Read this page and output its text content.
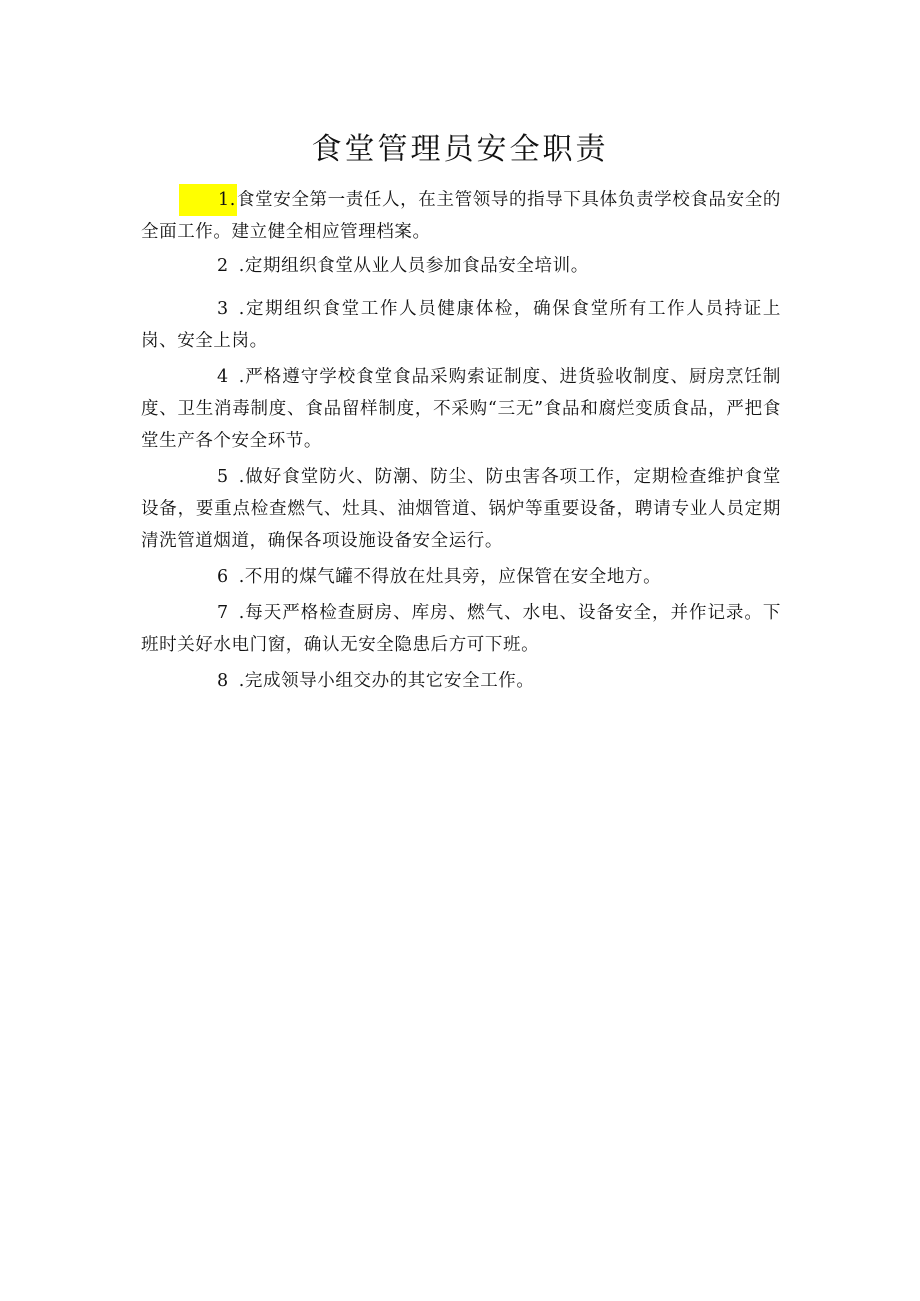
食堂管理员安全职责

1.食堂安全第一责任人，在主管领导的指导下具体负责学校食品安全的全面工作。建立健全相应管理档案。

2 .定期组织食堂从业人员参加食品安全培训。

3 .定期组织食堂工作人员健康体检，确保食堂所有工作人员持证上岗、安全上岗。

4 .严格遵守学校食堂食品采购索证制度、进货验收制度、厨房烹饪制度、卫生消毒制度、食品留样制度，不采购“三无”食品和腐烂变质食品，严把食堂生产各个安全环节。

5 .做好食堂防火、防潮、防尘、防虫害各项工作，定期检查维护食堂设备，要重点检查燃气、灶具、油烟管道、锅炉等重要设备，聘请专业人员定期清洗管道烟道，确保各项设施设备安全运行。

6 .不用的煤气罐不得放在灶具旁，应保管在安全地方。

7 .每天严格检查厨房、库房、燃气、水电、设备安全，并作记录。下班时关好水电门窗，确认无安全隐患后方可下班。

8 .完成领导小组交办的其它安全工作。
